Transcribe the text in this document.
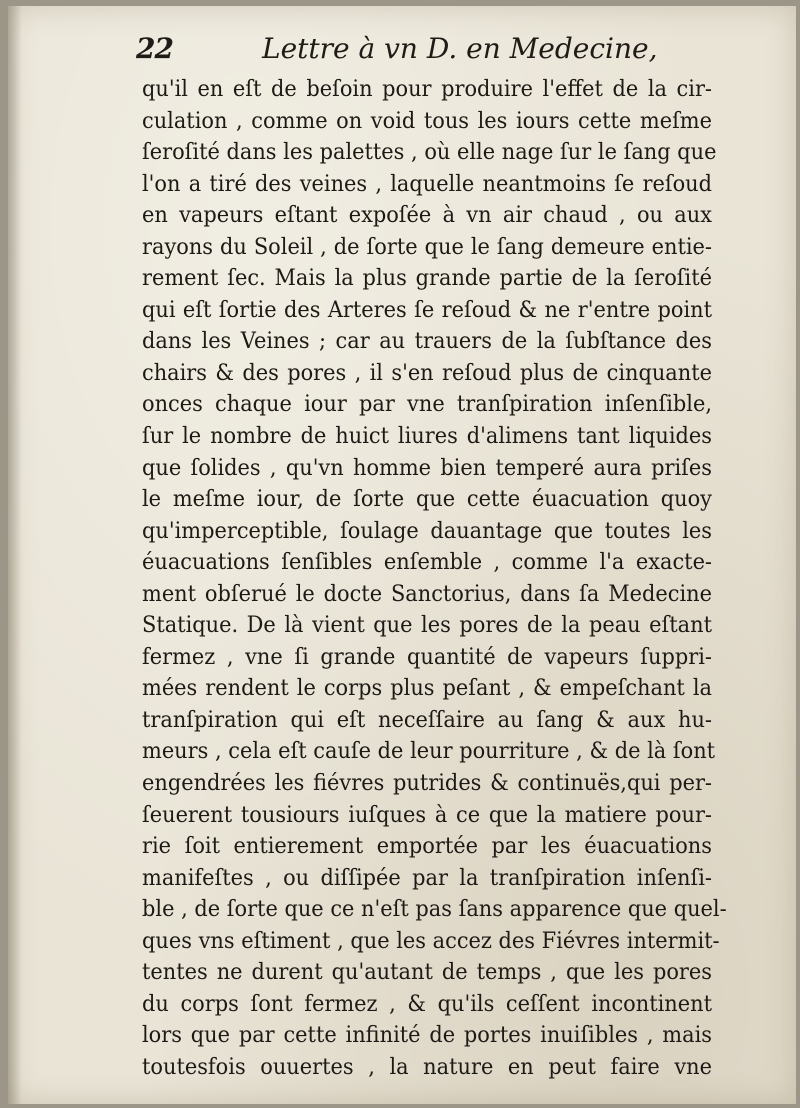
22	Lettre à vn D. en Medecine,
qu'il en eſt de beſoin pour produire l'effet de la cir-
culation , comme on void tous les iours cette meſme
ſeroſité dans les palettes , où elle nage ſur le ſang que
l'on a tiré des veines , laquelle neantmoins ſe reſoud
en vapeurs eſtant expoſée à vn air chaud , ou aux
rayons du Soleil , de ſorte que le ſang demeure entie-
rement ſec. Mais la plus grande partie de la ſeroſité
qui eſt ſortie des Arteres ſe reſoud & ne r'entre point
dans les Veines ; car au trauers de la ſubſtance des
chairs & des pores , il s'en reſoud plus de cinquante
onces chaque iour par vne tranſpiration inſenſible,
ſur le nombre de huict liures d'alimens tant liquides
que ſolides , qu'vn homme bien temperé aura priſes
le meſme iour, de ſorte que cette éuacuation quoy
qu'imperceptible, ſoulage dauantage que toutes les
éuacuations ſenſibles enſemble , comme l'a exacte-
ment obſerué le docte Sanctorius, dans ſa Medecine
Statique. De là vient que les pores de la peau eſtant
fermez , vne ſi grande quantité de vapeurs ſuppri-
mées rendent le corps plus peſant , & empeſchant la
tranſpiration qui eſt neceſſaire au ſang & aux hu-
meurs , cela eſt cauſe de leur pourriture , & de là ſont
engendrées les fiévres putrides & continuës,qui per-
ſeuerent tousiours iuſques à ce que la matiere pour-
rie ſoit entierement emportée par les éuacuations
manifeſtes , ou diſſipée par la tranſpiration inſenſi-
ble , de ſorte que ce n'eſt pas ſans apparence que quel-
ques vns eſtiment , que les accez des Fiévres intermit-
tentes ne durent qu'autant de temps , que les pores
du corps ſont fermez , & qu'ils ceſſent incontinent
lors que par cette infinité de portes inuiſibles , mais
toutesfois ouuertes , la nature en peut faire vne
